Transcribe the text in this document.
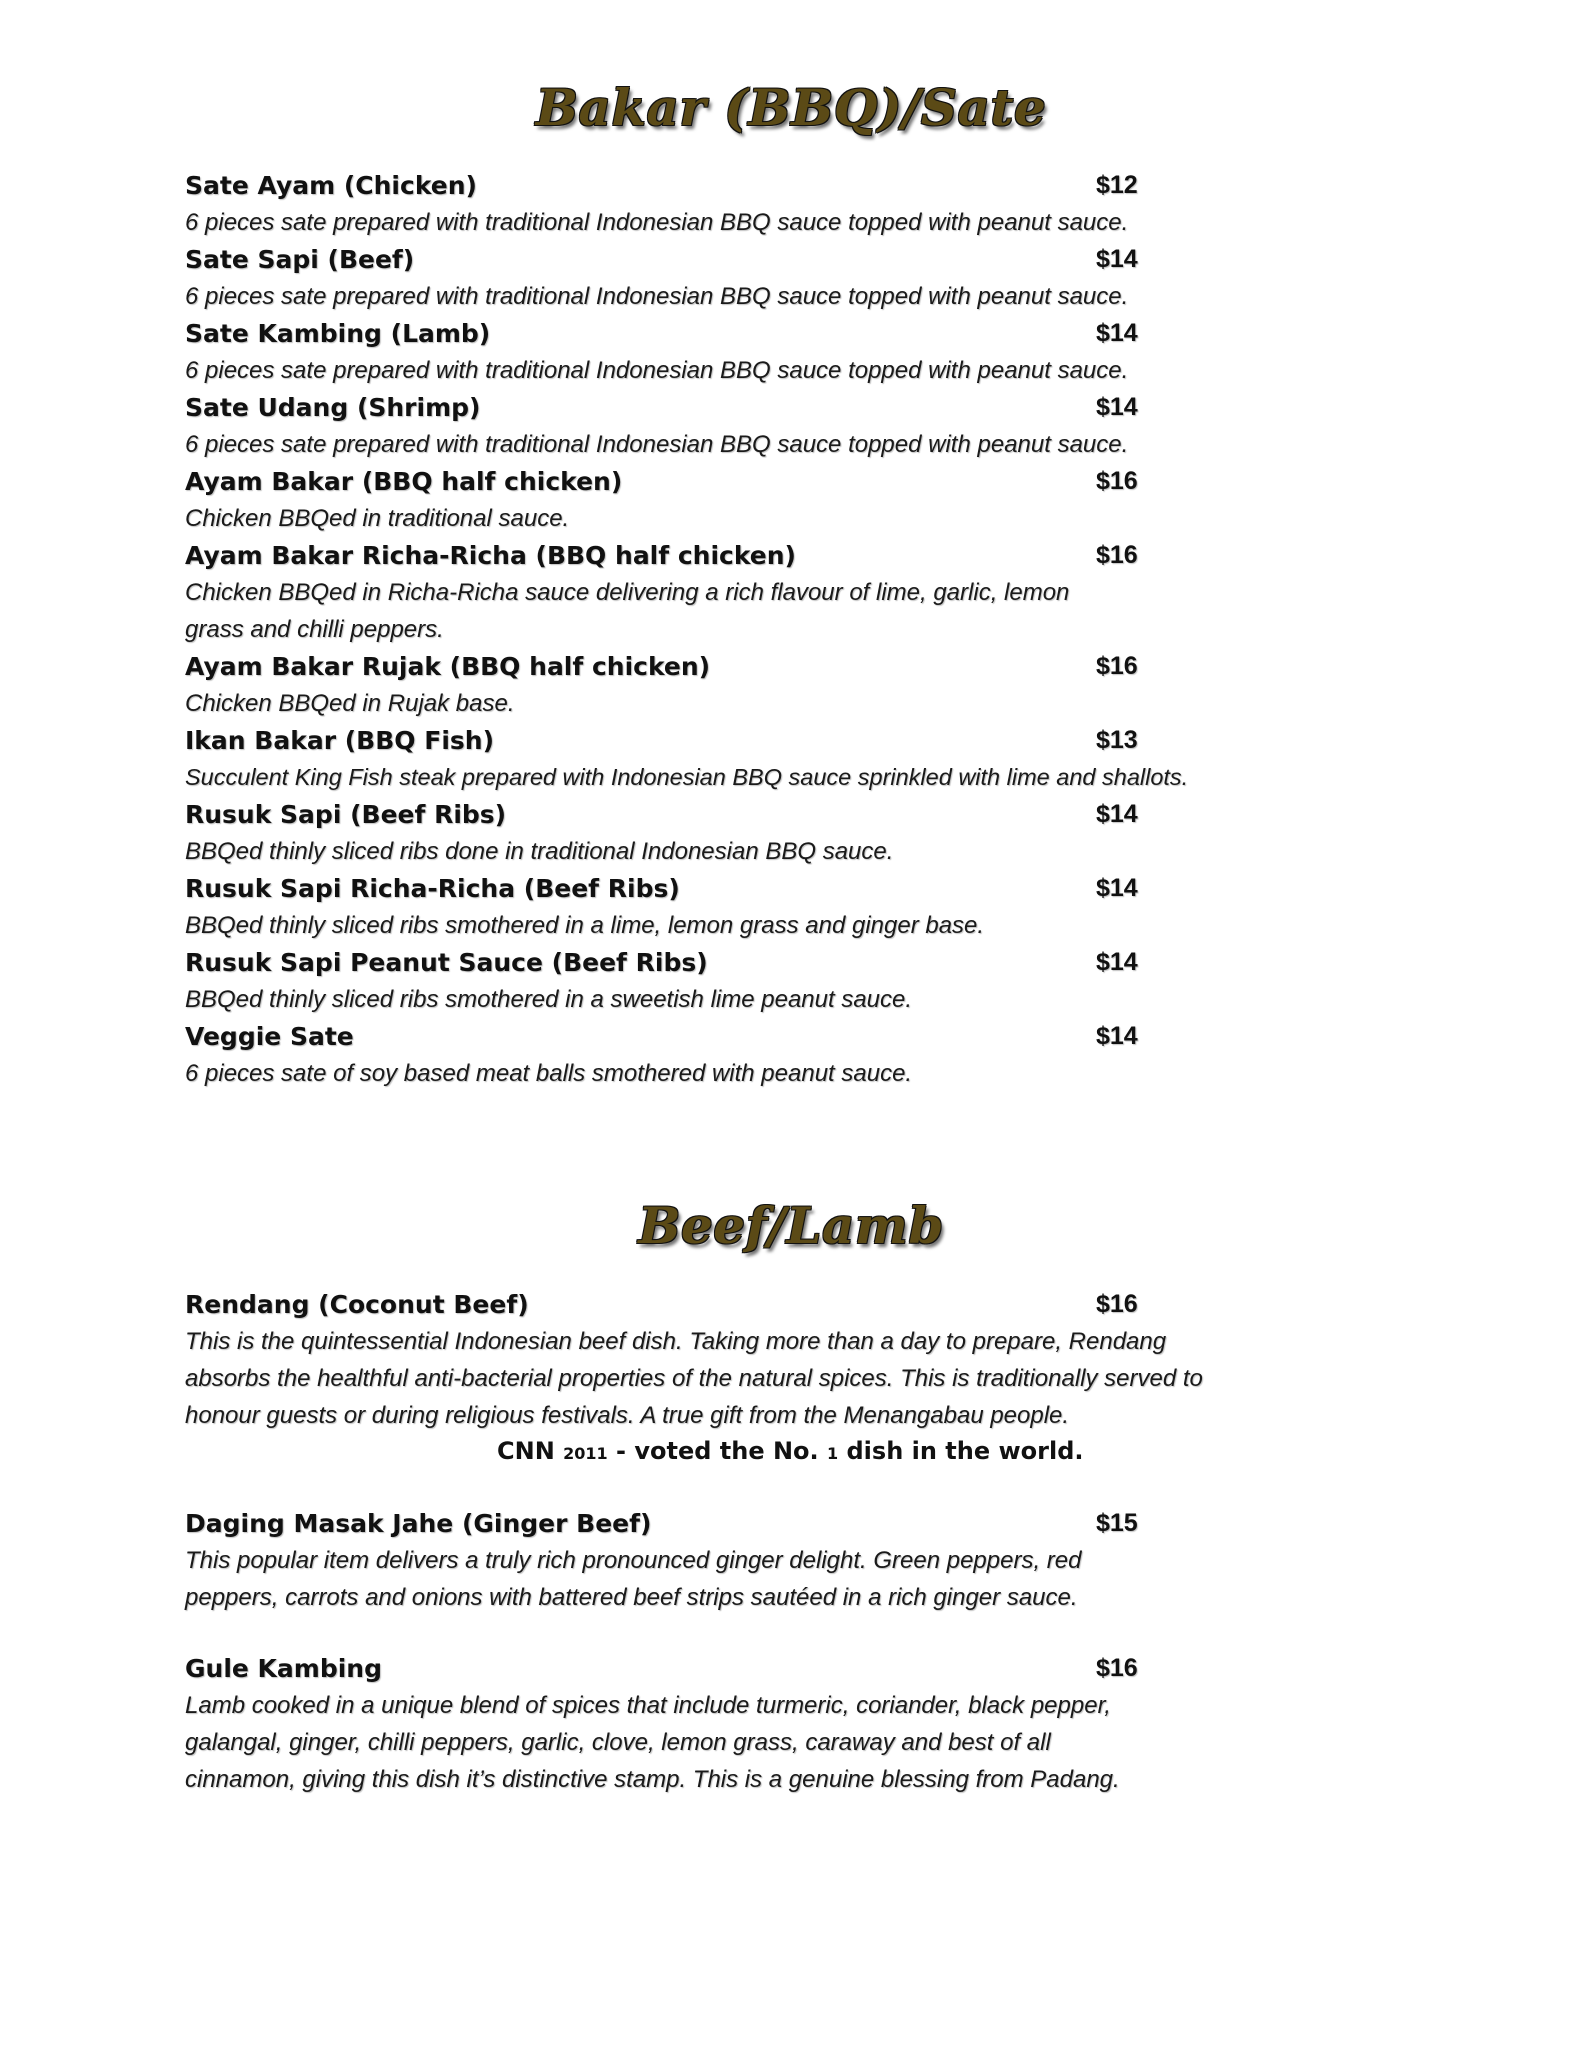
Bakar (BBQ)/Sate
Sate Ayam (Chicken)	$12
6 pieces sate prepared with traditional Indonesian BBQ sauce topped with peanut sauce.
Sate Sapi (Beef)	$14
6 pieces sate prepared with traditional Indonesian BBQ sauce topped with peanut sauce.
Sate Kambing (Lamb)	$14
6 pieces sate prepared with traditional Indonesian BBQ sauce topped with peanut sauce.
Sate Udang (Shrimp)	$14
6 pieces sate prepared with traditional Indonesian BBQ sauce topped with peanut sauce.
Ayam Bakar (BBQ half chicken)	$16
Chicken BBQed in traditional sauce.
Ayam Bakar Richa-Richa (BBQ half chicken)	$16
Chicken BBQed in Richa-Richa sauce delivering a rich flavour of lime, garlic, lemon grass and chilli peppers.
Ayam Bakar Rujak (BBQ half chicken)	$16
Chicken BBQed in Rujak base.
Ikan Bakar (BBQ Fish)	$13
Succulent King Fish steak prepared with Indonesian BBQ sauce sprinkled with lime and shallots.
Rusuk Sapi (Beef Ribs)	$14
BBQed thinly sliced ribs done in traditional Indonesian BBQ sauce.
Rusuk Sapi Richa-Richa (Beef Ribs)	$14
BBQed thinly sliced ribs smothered in a lime, lemon grass and ginger base.
Rusuk Sapi Peanut Sauce (Beef Ribs)	$14
BBQed thinly sliced ribs smothered in a sweetish lime peanut sauce.
Veggie Sate	$14
6 pieces sate of soy based meat balls smothered with peanut sauce.
Beef/Lamb
Rendang (Coconut Beef)	$16
This is the quintessential Indonesian beef dish. Taking more than a day to prepare, Rendang absorbs the healthful anti-bacterial properties of the natural spices. This is traditionally served to honour guests or during religious festivals. A true gift from the Menangabau people.
CNN 2011 - voted the No. 1 dish in the world.
Daging Masak Jahe (Ginger Beef)	$15
This popular item delivers a truly rich pronounced ginger delight. Green peppers, red peppers, carrots and onions with battered beef strips sautéed in a rich ginger sauce.
Gule Kambing	$16
Lamb cooked in a unique blend of spices that include turmeric, coriander, black pepper, galangal, ginger, chilli peppers, garlic, clove, lemon grass, caraway and best of all cinnamon, giving this dish it’s distinctive stamp. This is a genuine blessing from Padang.
